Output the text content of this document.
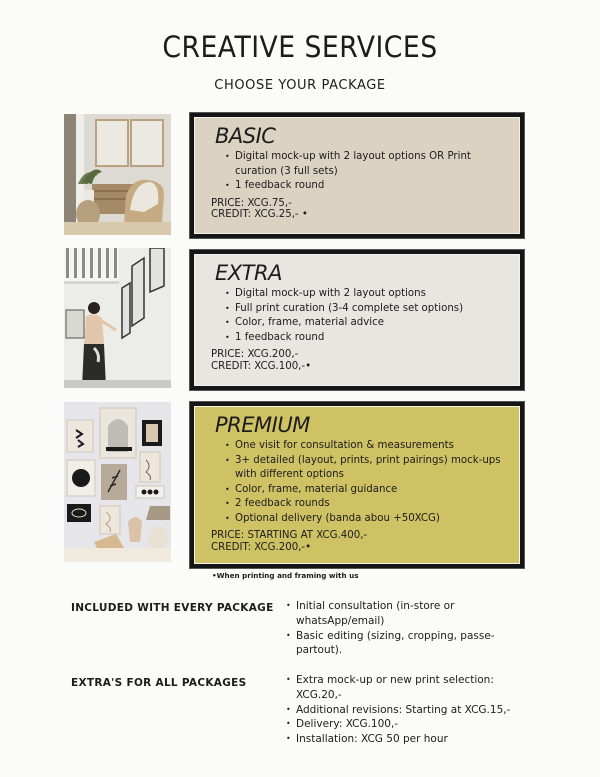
CREATIVE SERVICES
CHOOSE YOUR PACKAGE
BASIC
• Digital mock-up with 2 layout options OR Print curation (3 full sets)
• 1 feedback round
PRICE: XCG.75,-
CREDIT: XCG.25,- •
EXTRA
• Digital mock-up with 2 layout options
• Full print curation (3-4 complete set options)
• Color, frame, material advice
• 1 feedback round
PRICE: XCG.200,-
CREDIT: XCG.100,-•
PREMIUM
• One visit for consultation & measurements
• 3+ detailed (layout, prints, print pairings) mock-ups with different options
• Color, frame, material guidance
• 2 feedback rounds
• Optional delivery (banda abou +50XCG)
PRICE: STARTING AT XCG.400,-
CREDIT: XCG.200,-•
•When printing and framing with us
INCLUDED WITH EVERY PACKAGE • Initial consultation (in-store or whatsApp/email)
• Basic editing (sizing, cropping, passe-partout).
EXTRA'S FOR ALL PACKAGES	• Extra mock-up or new print selection: XCG.20,-
• Additional revisions: Starting at XCG.15,-
• Delivery: XCG.100,-
• Installation: XCG 50 per hour
